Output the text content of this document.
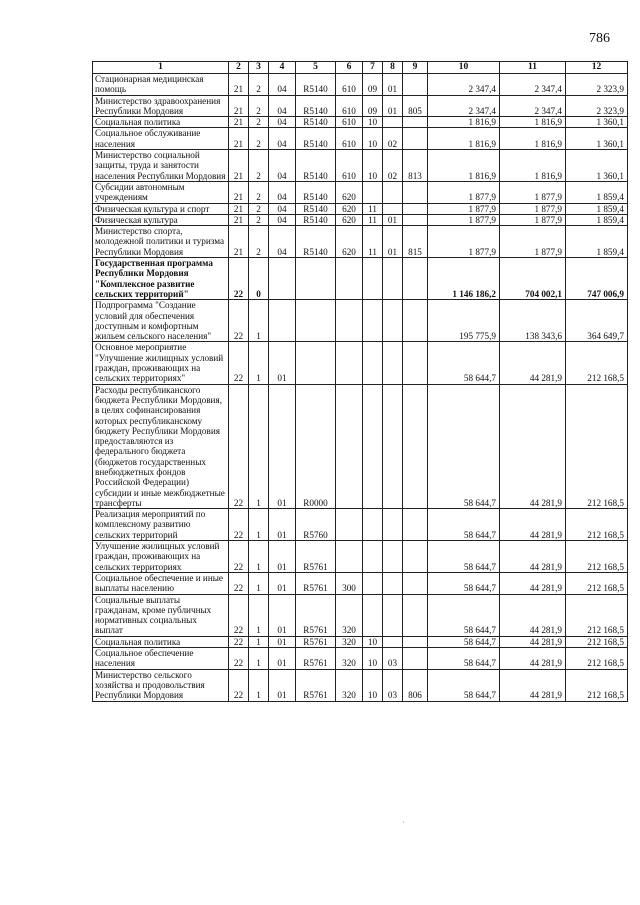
786
1	2	3	4	5	6	7	8	9	10	11	12
Стационарная медицинская помощь	21	2	04	R5140	610	09	01		2 347,4	2 347,4	2 323,9
Министерство здравоохранения Республики Мордовия	21	2	04	R5140	610	09	01	805	2 347,4	2 347,4	2 323,9
Социальная политика	21	2	04	R5140	610	10			1 816,9	1 816,9	1 360,1
Социальное обслуживание населения	21	2	04	R5140	610	10	02		1 816,9	1 816,9	1 360,1
Министерство социальной защиты, труда и занятости населения Республики Мордовия	21	2	04	R5140	610	10	02	813	1 816,9	1 816,9	1 360,1
Субсидии автономным учреждениям	21	2	04	R5140	620				1 877,9	1 877,9	1 859,4
Физическая культура и спорт	21	2	04	R5140	620	11			1 877,9	1 877,9	1 859,4
Физическая культура	21	2	04	R5140	620	11	01		1 877,9	1 877,9	1 859,4
Министерство спорта, молодежной политики и туризма Республики Мордовия	21	2	04	R5140	620	11	01	815	1 877,9	1 877,9	1 859,4
Государственная программа Республики Мордовия "Комплексное развитие сельских территорий"	22	0							1 146 186,2	704 002,1	747 006,9
Подпрограмма "Создание условий для обеспечения доступным и комфортным жильем сельского населения"	22	1							195 775,9	138 343,6	364 649,7
Основное мероприятие "Улучшение жилищных условий граждан, проживающих на сельских территориях"	22	1	01						58 644,7	44 281,9	212 168,5
Расходы республиканского бюджета Республики Мордовия, в целях софинансирования которых республиканскому бюджету Республики Мордовия предоставляются из федерального бюджета (бюджетов государственных внебюджетных фондов Российской Федерации) субсидии и иные межбюджетные трансферты	22	1	01	R0000					58 644,7	44 281,9	212 168,5
Реализация мероприятий по комплексному развитию сельских территорий	22	1	01	R5760					58 644,7	44 281,9	212 168,5
Улучшение жилищных условий граждан, проживающих на сельских территориях	22	1	01	R5761					58 644,7	44 281,9	212 168,5
Социальное обеспечение и иные выплаты населению	22	1	01	R5761	300				58 644,7	44 281,9	212 168,5
Социальные выплаты гражданам, кроме публичных нормативных социальных выплат	22	1	01	R5761	320				58 644,7	44 281,9	212 168,5
Социальная политика	22	1	01	R5761	320	10			58 644,7	44 281,9	212 168,5
Социальное обеспечение населения	22	1	01	R5761	320	10	03		58 644,7	44 281,9	212 168,5
Министерство сельского хозяйства и продовольствия Республики Мордовия	22	1	01	R5761	320	10	03	806	58 644,7	44 281,9	212 168,5
·
